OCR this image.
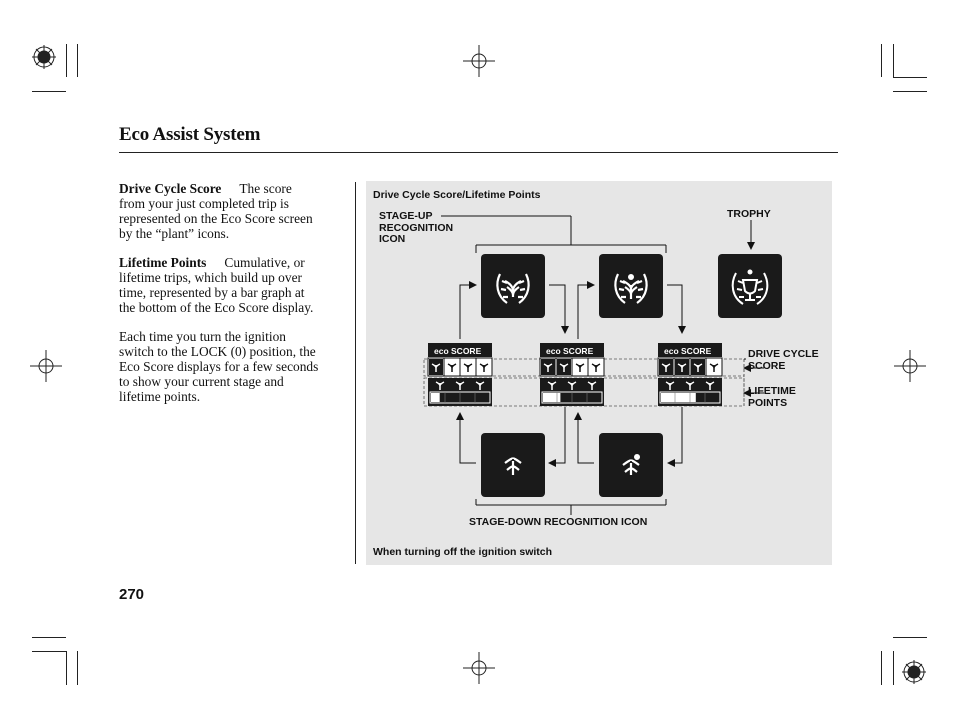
Eco Assist System
Drive Cycle Score The score
from your just completed trip is
represented on the Eco Score screen
by the “plant” icons.
Lifetime Points Cumulative, or
lifetime trips, which build up over
time, represented by a bar graph at
the bottom of the Eco Score display.
Each time you turn the ignition
switch to the LOCK (0) position, the
Eco Score displays for a few seconds
to show your current stage and
lifetime points.
Drive Cycle Score/Lifetime Points
STAGE-UP
RECOGNITION
ICON
TROPHY
DRIVE CYCLE
SCORE
LIFETIME
POINTS
STAGE-DOWN RECOGNITION ICON
When turning off the ignition switch
eco SCORE	eco SCORE	eco SCORE
270
